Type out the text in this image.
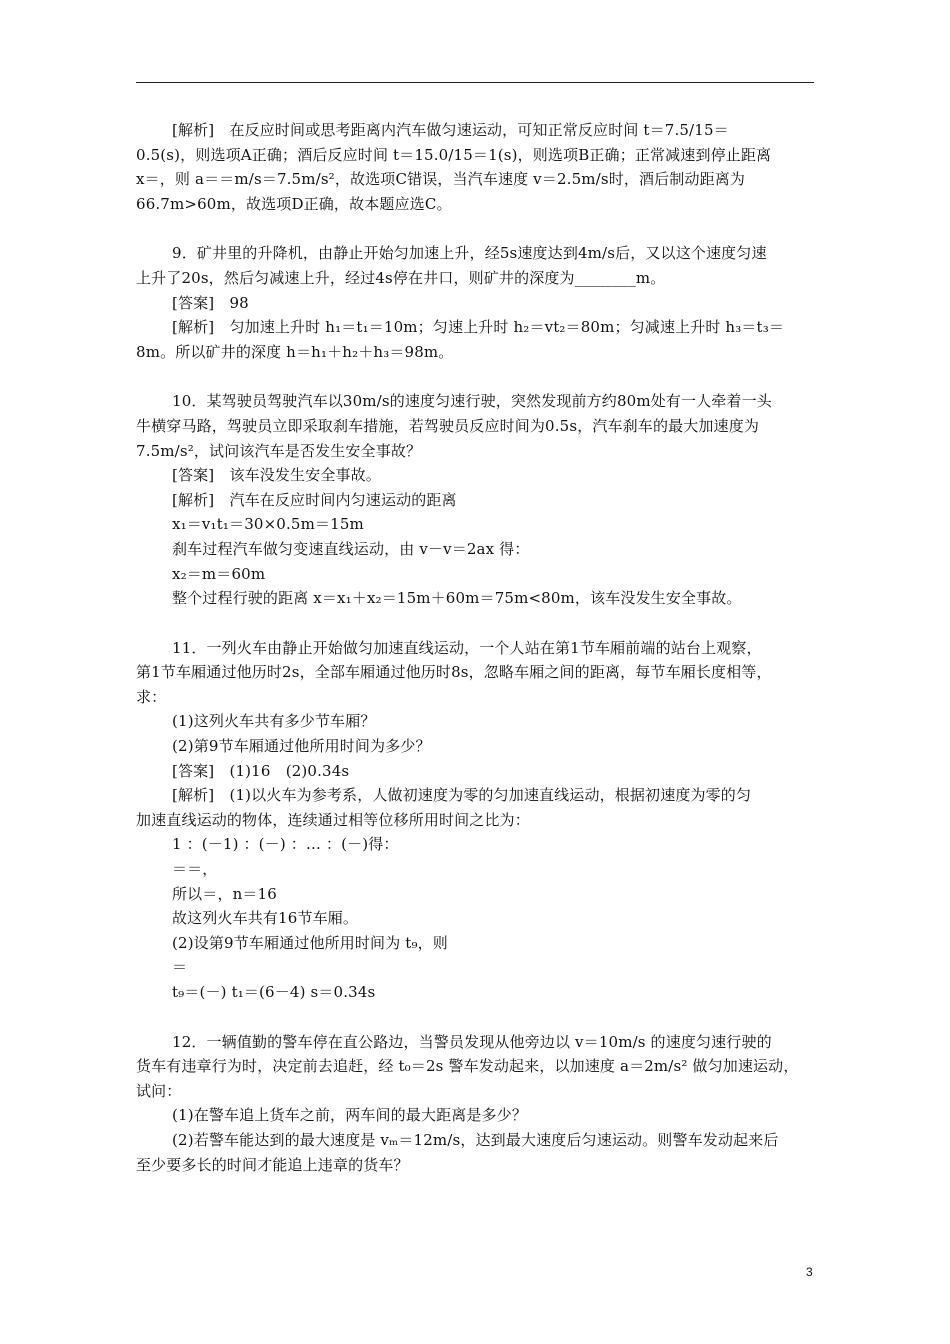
[解析]　在反应时间或思考距离内汽车做匀速运动，可知正常反应时间 t＝7.5/15＝
0.5(s)，则选项A正确；酒后反应时间 t＝15.0/15＝1(s)，则选项B正确；正常减速到停止距离
x＝，则 a＝＝m/s＝7.5m/s²，故选项C错误，当汽车速度 v＝2.5m/s时，酒后制动距离为
66.7m>60m，故选项D正确，故本题应选C。
9．矿井里的升降机，由静止开始匀加速上升，经5s速度达到4m/s后，又以这个速度匀速
上升了20s，然后匀减速上升，经过4s停在井口，则矿井的深度为________m。
[答案]　98
[解析]　匀加速上升时 h₁＝t₁＝10m；匀速上升时 h₂＝vt₂＝80m；匀减速上升时 h₃＝t₃＝
8m。所以矿井的深度 h＝h₁＋h₂＋h₃＝98m。
10．某驾驶员驾驶汽车以30m/s的速度匀速行驶，突然发现前方约80m处有一人牵着一头
牛横穿马路，驾驶员立即采取刹车措施，若驾驶员反应时间为0.5s，汽车刹车的最大加速度为
7.5m/s²，试问该汽车是否发生安全事故？
[答案]　该车没发生安全事故。
[解析]　汽车在反应时间内匀速运动的距离
x₁＝v₁t₁＝30×0.5m＝15m
刹车过程汽车做匀变速直线运动，由 v－v＝2ax 得：
x₂＝m＝60m
整个过程行驶的距离 x＝x₁＋x₂＝15m＋60m＝75m<80m，该车没发生安全事故。
11．一列火车由静止开始做匀加速直线运动，一个人站在第1节车厢前端的站台上观察，
第1节车厢通过他历时2s，全部车厢通过他历时8s，忽略车厢之间的距离，每节车厢长度相等，
求：
(1)这列火车共有多少节车厢？
(2)第9节车厢通过他所用时间为多少？
[答案]　(1)16　(2)0.34s
[解析]　(1)以火车为参考系，人做初速度为零的匀加速直线运动，根据初速度为零的匀
加速直线运动的物体，连续通过相等位移所用时间之比为：
1 ：(－1) ：(－) ：… ：(－)得：
＝＝，
所以＝，n＝16
故这列火车共有16节车厢。
(2)设第9节车厢通过他所用时间为 t₉，则
＝
t₉＝(－) t₁＝(6－4) s＝0.34s
12．一辆值勤的警车停在直公路边，当警员发现从他旁边以 v＝10m/s 的速度匀速行驶的
货车有违章行为时，决定前去追赶，经 t₀＝2s 警车发动起来，以加速度 a＝2m/s² 做匀加速运动，
试问：
(1)在警车追上货车之前，两车间的最大距离是多少？
(2)若警车能达到的最大速度是 vₘ＝12m/s，达到最大速度后匀速运动。则警车发动起来后
至少要多长的时间才能追上违章的货车？
3
